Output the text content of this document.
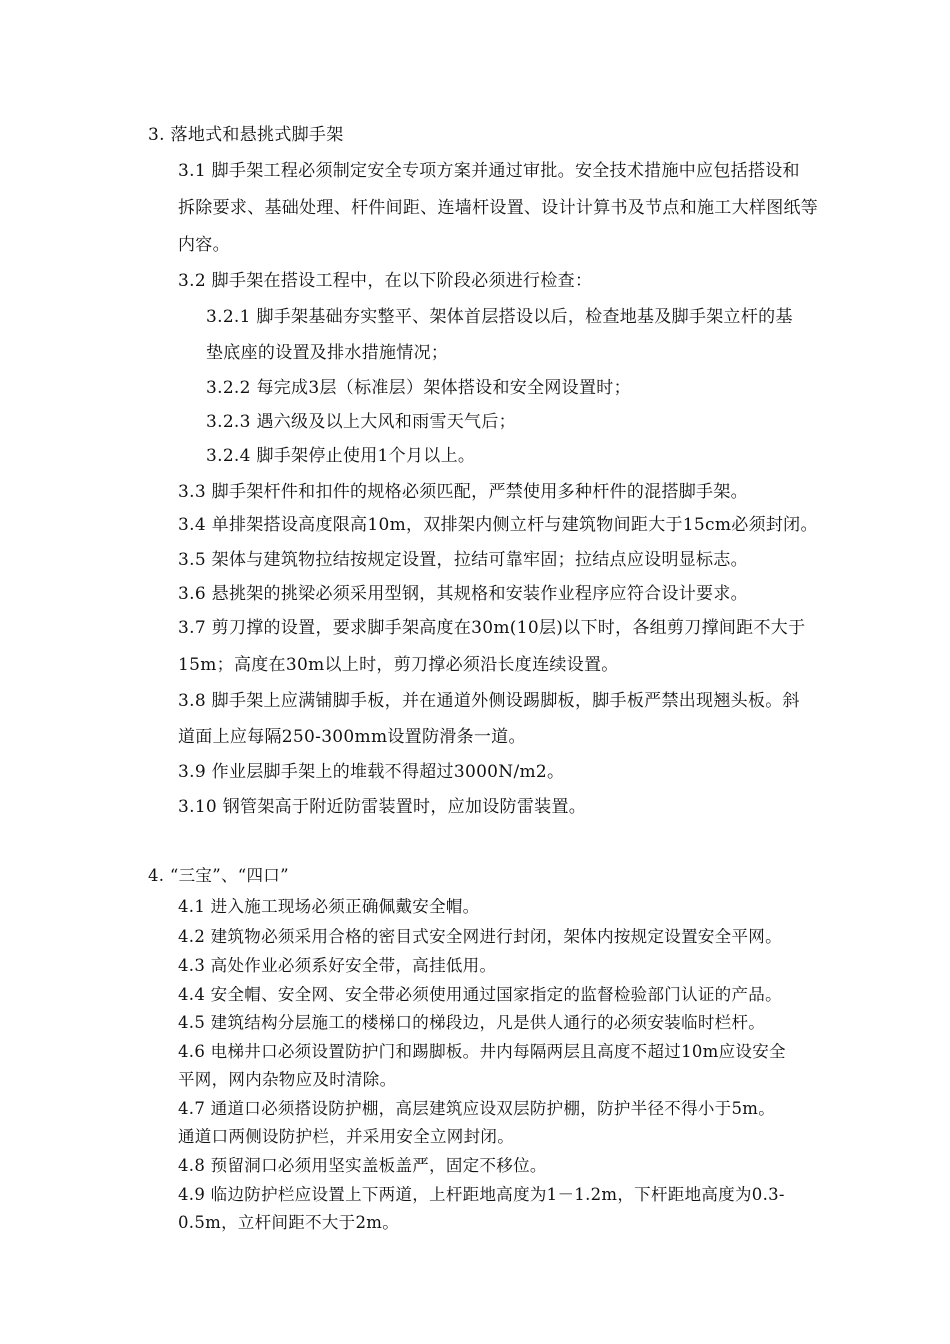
3. 落地式和悬挑式脚手架
3.1 脚手架工程必须制定安全专项方案并通过审批。安全技术措施中应包括搭设和
拆除要求、基础处理、杆件间距、连墙杆设置、设计计算书及节点和施工大样图纸等
内容。
3.2 脚手架在搭设工程中，在以下阶段必须进行检查：
3.2.1 脚手架基础夯实整平、架体首层搭设以后，检查地基及脚手架立杆的基
垫底座的设置及排水措施情况；
3.2.2 每完成3层（标准层）架体搭设和安全网设置时；
3.2.3 遇六级及以上大风和雨雪天气后；
3.2.4 脚手架停止使用1个月以上。
3.3 脚手架杆件和扣件的规格必须匹配，严禁使用多种杆件的混搭脚手架。
3.4 单排架搭设高度限高10m，双排架内侧立杆与建筑物间距大于15cm必须封闭。
3.5 架体与建筑物拉结按规定设置，拉结可靠牢固；拉结点应设明显标志。
3.6 悬挑架的挑梁必须采用型钢，其规格和安装作业程序应符合设计要求。
3.7 剪刀撑的设置，要求脚手架高度在30m(10层)以下时，各组剪刀撑间距不大于
15m；高度在30m以上时，剪刀撑必须沿长度连续设置。
3.8 脚手架上应满铺脚手板，并在通道外侧设踢脚板，脚手板严禁出现翘头板。斜
道面上应每隔250-300mm设置防滑条一道。
3.9 作业层脚手架上的堆载不得超过3000N/m2。
3.10 钢管架高于附近防雷装置时，应加设防雷装置。
4. “三宝”、“四口”
4.1 进入施工现场必须正确佩戴安全帽。
4.2 建筑物必须采用合格的密目式安全网进行封闭，架体内按规定设置安全平网。
4.3 高处作业必须系好安全带，高挂低用。
4.4 安全帽、安全网、安全带必须使用通过国家指定的监督检验部门认证的产品。
4.5 建筑结构分层施工的楼梯口的梯段边，凡是供人通行的必须安装临时栏杆。
4.6 电梯井口必须设置防护门和踢脚板。井内每隔两层且高度不超过10m应设安全
平网，网内杂物应及时清除。
4.7 通道口必须搭设防护棚，高层建筑应设双层防护棚，防护半径不得小于5m。
通道口两侧设防护栏，并采用安全立网封闭。
4.8 预留洞口必须用坚实盖板盖严，固定不移位。
4.9 临边防护栏应设置上下两道，上杆距地高度为1－1.2m，下杆距地高度为0.3-
0.5m，立杆间距不大于2m。
